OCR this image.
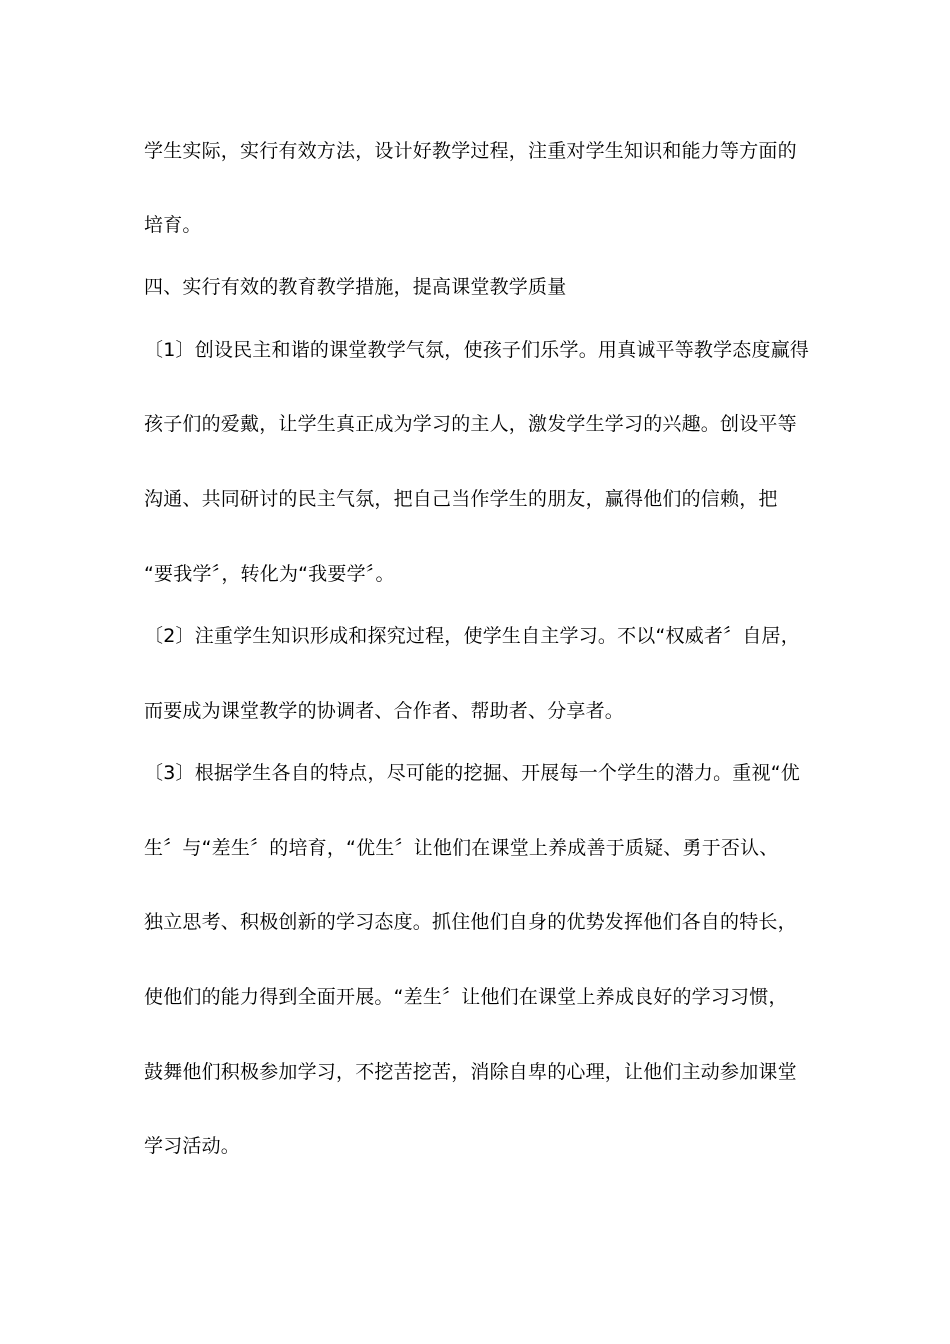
学生实际，实行有效方法，设计好教学过程，注重对学生知识和能力等方面的
培育。
四、实行有效的教育教学措施，提高课堂教学质量
〔1〕创设民主和谐的课堂教学气氛，使孩子们乐学。用真诚平等教学态度赢得
孩子们的爱戴，让学生真正成为学习的主人，激发学生学习的兴趣。创设平等
沟通、共同研讨的民主气氛，把自己当作学生的朋友，赢得他们的信赖，把
“要我学〞，转化为“我要学〞。
〔2〕注重学生知识形成和探究过程，使学生自主学习。不以“权威者〞自居，
而要成为课堂教学的协调者、合作者、帮助者、分享者。
〔3〕根据学生各自的特点，尽可能的挖掘、开展每一个学生的潜力。重视“优
生〞与“差生〞的培育，“优生〞让他们在课堂上养成善于质疑、勇于否认、
独立思考、积极创新的学习态度。抓住他们自身的优势发挥他们各自的特长，
使他们的能力得到全面开展。“差生〞让他们在课堂上养成良好的学习习惯，
鼓舞他们积极参加学习，不挖苦挖苦，消除自卑的心理，让他们主动参加课堂
学习活动。
